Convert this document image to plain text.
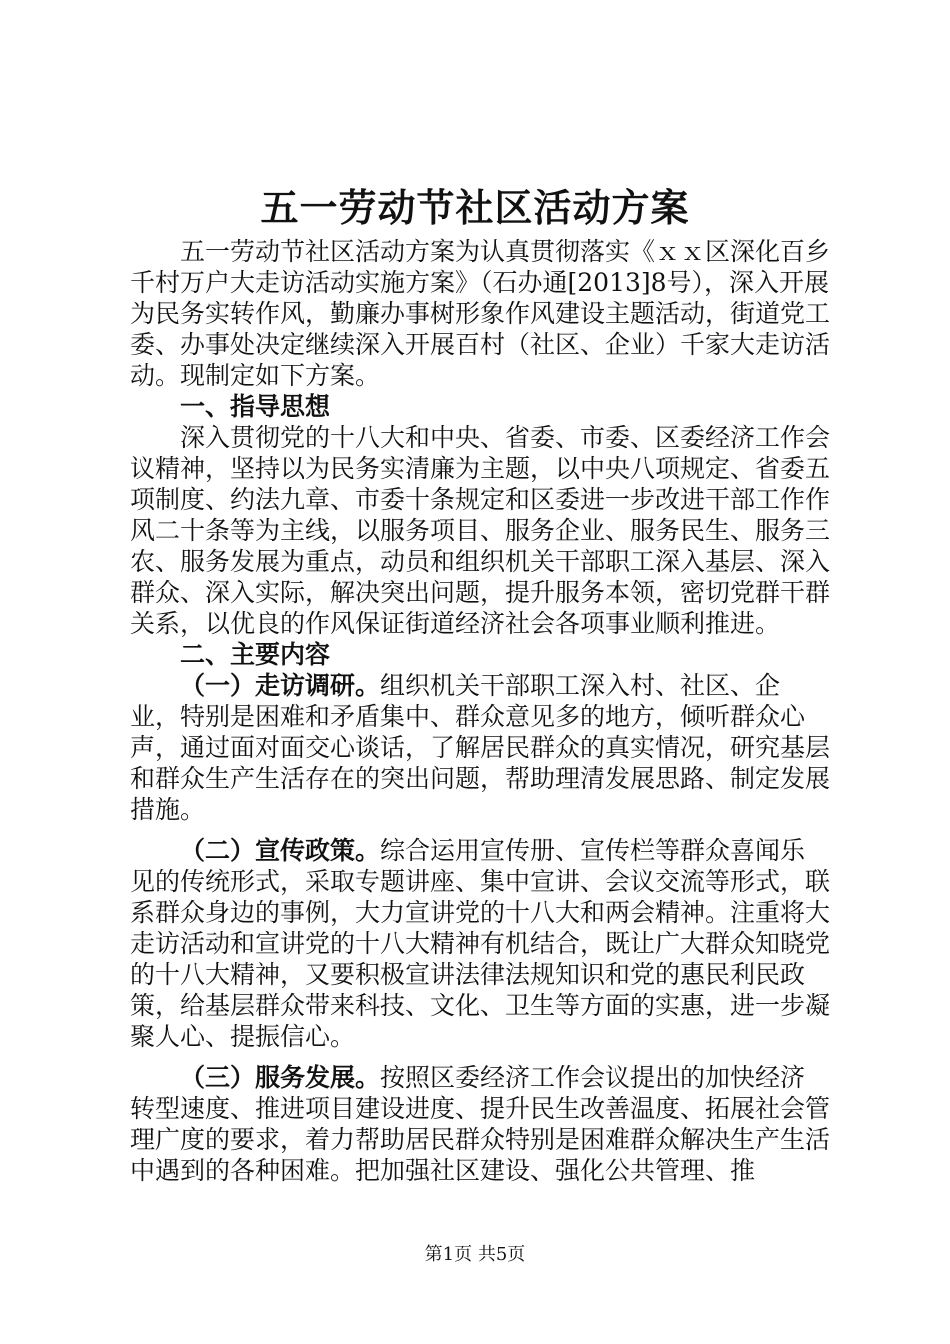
五一劳动节社区活动方案

五一劳动节社区活动方案为认真贯彻落实《ｘｘ区深化百乡千村万户大走访活动实施方案》（石办通[2013]8号），深入开展为民务实转作风，勤廉办事树形象作风建设主题活动，街道党工委、办事处决定继续深入开展百村（社区、企业）千家大走访活动。现制定如下方案。

一、指导思想

深入贯彻党的十八大和中央、省委、市委、区委经济工作会议精神，坚持以为民务实清廉为主题，以中央八项规定、省委五项制度、约法九章、市委十条规定和区委进一步改进干部工作作风二十条等为主线，以服务项目、服务企业、服务民生、服务三农、服务发展为重点，动员和组织机关干部职工深入基层、深入群众、深入实际，解决突出问题，提升服务本领，密切党群干群关系，以优良的作风保证街道经济社会各项事业顺利推进。

二、主要内容

（一）走访调研。组织机关干部职工深入村、社区、企业，特别是困难和矛盾集中、群众意见多的地方，倾听群众心声，通过面对面交心谈话，了解居民群众的真实情况，研究基层和群众生产生活存在的突出问题，帮助理清发展思路、制定发展措施。

（二）宣传政策。综合运用宣传册、宣传栏等群众喜闻乐见的传统形式，采取专题讲座、集中宣讲、会议交流等形式，联系群众身边的事例，大力宣讲党的十八大和两会精神。注重将大走访活动和宣讲党的十八大精神有机结合，既让广大群众知晓党的十八大精神，又要积极宣讲法律法规知识和党的惠民利民政策，给基层群众带来科技、文化、卫生等方面的实惠，进一步凝聚人心、提振信心。

（三）服务发展。按照区委经济工作会议提出的加快经济转型速度、推进项目建设进度、提升民生改善温度、拓展社会管理广度的要求，着力帮助居民群众特别是困难群众解决生产生活中遇到的各种困难。把加强社区建设、强化公共管理、推

第1页 共5页
